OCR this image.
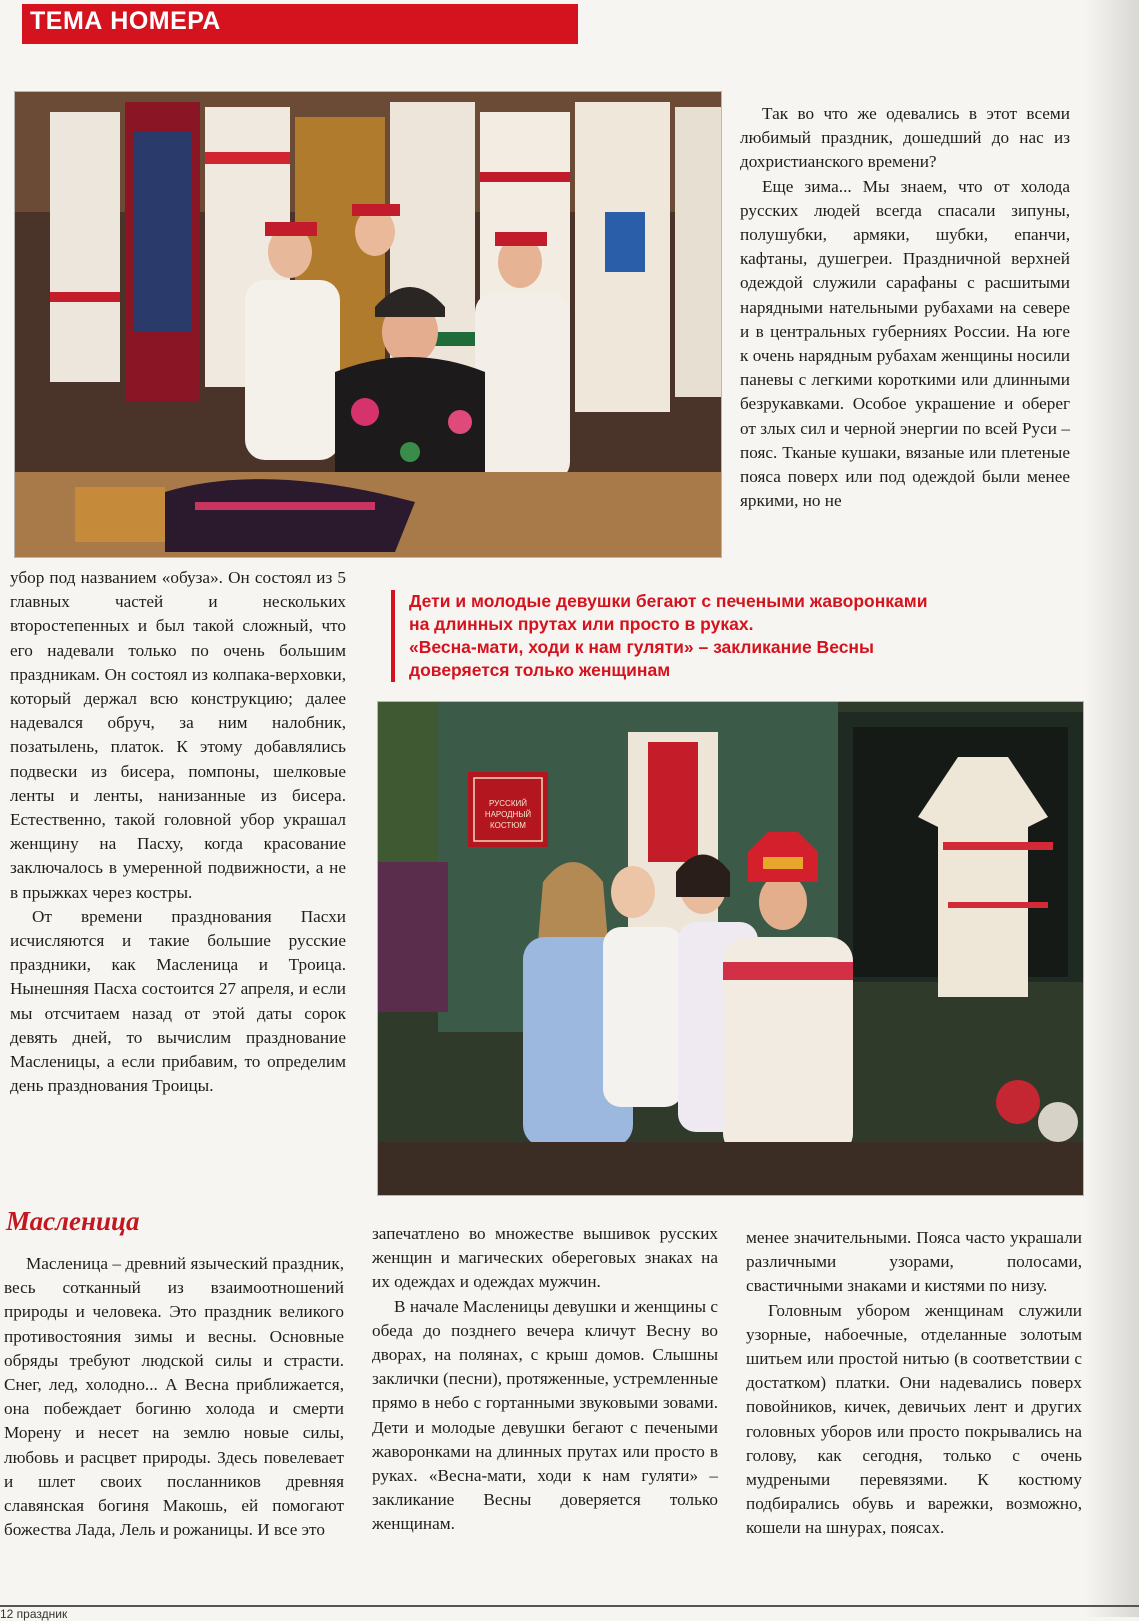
ТЕМА НОМЕРА

Так во что же одевались в этот всеми любимый праздник, дошедший до нас из дохристианского времени?

Еще зима... Мы знаем, что от холода русских людей всегда спасали зипуны, полушубки, армяки, шубки, епанчи, кафтаны, душегреи. Праздничной верхней одеждой служили сарафаны с расшитыми нарядными нательными рубахами на севере и в центральных губерниях России. На юге к очень нарядным рубахам женщины носили паневы с легкими короткими или длинными безрукавками. Особое украшение и оберег от злых сил и черной энергии по всей Руси – пояс. Тканые кушаки, вязаные или плетеные пояса поверх или под одеждой были менее яркими, но не

убор под названием «обуза». Он состоял из 5 главных частей и нескольких второстепенных и был такой сложный, что его надевали только по очень большим праздникам. Он состоял из колпака-верховки, который держал всю конструкцию; далее надевался обруч, за ним налобник, позатылень, платок. К этому добавлялись подвески из бисера, помпоны, шелковые ленты и ленты, нанизанные из бисера. Естественно, такой головной убор украшал женщину на Пасху, когда красование заключалось в умеренной подвижности, а не в прыжках через костры.

От времени празднования Пасхи исчисляются и такие большие русские праздники, как Масленица и Троица. Нынешняя Пасха состоится 27 апреля, и если мы отсчитаем назад от этой даты сорок девять дней, то вычислим празднование Масленицы, а если прибавим, то определим день празднования Троицы.

Дети и молодые девушки бегают с печеными жаворонками
на длинных прутах или просто в руках.
«Весна-мати, ходи к нам гуляти» – закликание Весны
доверяется только женщинам
РУССКИЙ
НАРОДНЫЙ
КОСТЮМ
Масленица

Масленица – древний языческий праздник, весь сотканный из взаимоотношений природы и человека. Это праздник великого противостояния зимы и весны. Основные обряды требуют людской силы и страсти. Снег, лед, холодно... А Весна приближается, она побеждает богиню холода и смерти Морену и несет на землю новые силы, любовь и расцвет природы. Здесь повелевает и шлет своих посланников древняя славянская богиня Макошь, ей помогают божества Лада, Лель и рожаницы. И все это

запечатлено во множестве вышивок русских женщин и магических обереговых знаках на их одеждах и одеждах мужчин.

В начале Масленицы девушки и женщины с обеда до позднего вечера кличут Весну во дворах, на полянах, с крыш домов. Слышны заклички (песни), протяженные, устремленные прямо в небо с гортанными звуковыми зовами. Дети и молодые девушки бегают с печеными жаворонками на длинных прутах или просто в руках. «Весна-мати, ходи к нам гуляти» – закликание Весны доверяется только женщинам.

менее значительными. Пояса часто украшали различными узорами, полосами, свастичными знаками и кистями по низу.

Головным убором женщинам служили узорные, набоечные, отделанные золотым шитьем или простой нитью (в соответствии с достатком) платки. Они надевались поверх повойников, кичек, девичьих лент и других головных уборов или просто покрывались на голову, как сегодня, только с очень мудреными перевязями. К костюму подбирались обувь и варежки, возможно, кошели на шнурах, поясах.

12 праздник
